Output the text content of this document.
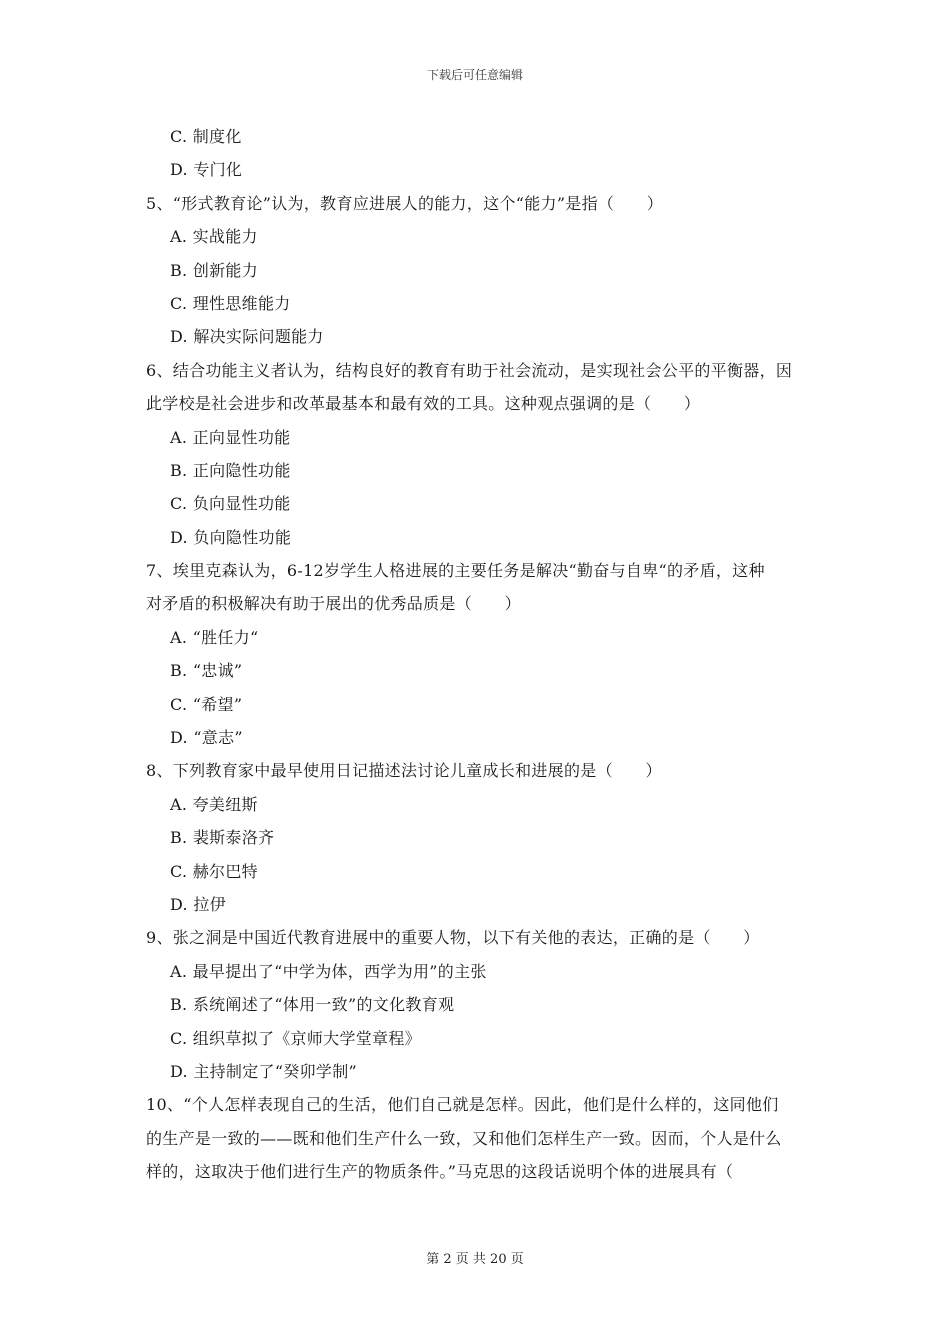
下载后可任意编辑
C. 制度化
D. 专门化
5、“形式教育论”认为，教育应进展人的能力，这个“能力”是指（　　）
A. 实战能力
B. 创新能力
C. 理性思维能力
D. 解决实际问题能力
6、结合功能主义者认为，结构良好的教育有助于社会流动，是实现社会公平的平衡器，因
此学校是社会进步和改革最基本和最有效的工具。这种观点强调的是（　　）
A. 正向显性功能
B. 正向隐性功能
C. 负向显性功能
D. 负向隐性功能
7、埃里克森认为，6-12岁学生人格进展的主要任务是解决“勤奋与自卑“的矛盾，这种
对矛盾的积极解决有助于展出的优秀品质是（　　）
A. “胜任力“
B. “忠诚”
C. “希望”
D. “意志”
8、下列教育家中最早使用日记描述法讨论儿童成长和进展的是（　　）
A. 夸美纽斯
B. 裴斯泰洛齐
C. 赫尔巴特
D. 拉伊
9、张之洞是中国近代教育进展中的重要人物，以下有关他的表达，正确的是（　　）
A. 最早提出了“中学为体，西学为用”的主张
B. 系统阐述了“体用一致”的文化教育观
C. 组织草拟了《京师大学堂章程》
D. 主持制定了“癸卯学制”
10、“个人怎样表现自己的生活，他们自己就是怎样。因此，他们是什么样的，这同他们
的生产是一致的——既和他们生产什么一致，又和他们怎样生产一致。因而，个人是什么
样的，这取决于他们进行生产的物质条件。”马克思的这段话说明个体的进展具有（
第 2 页 共 20 页
